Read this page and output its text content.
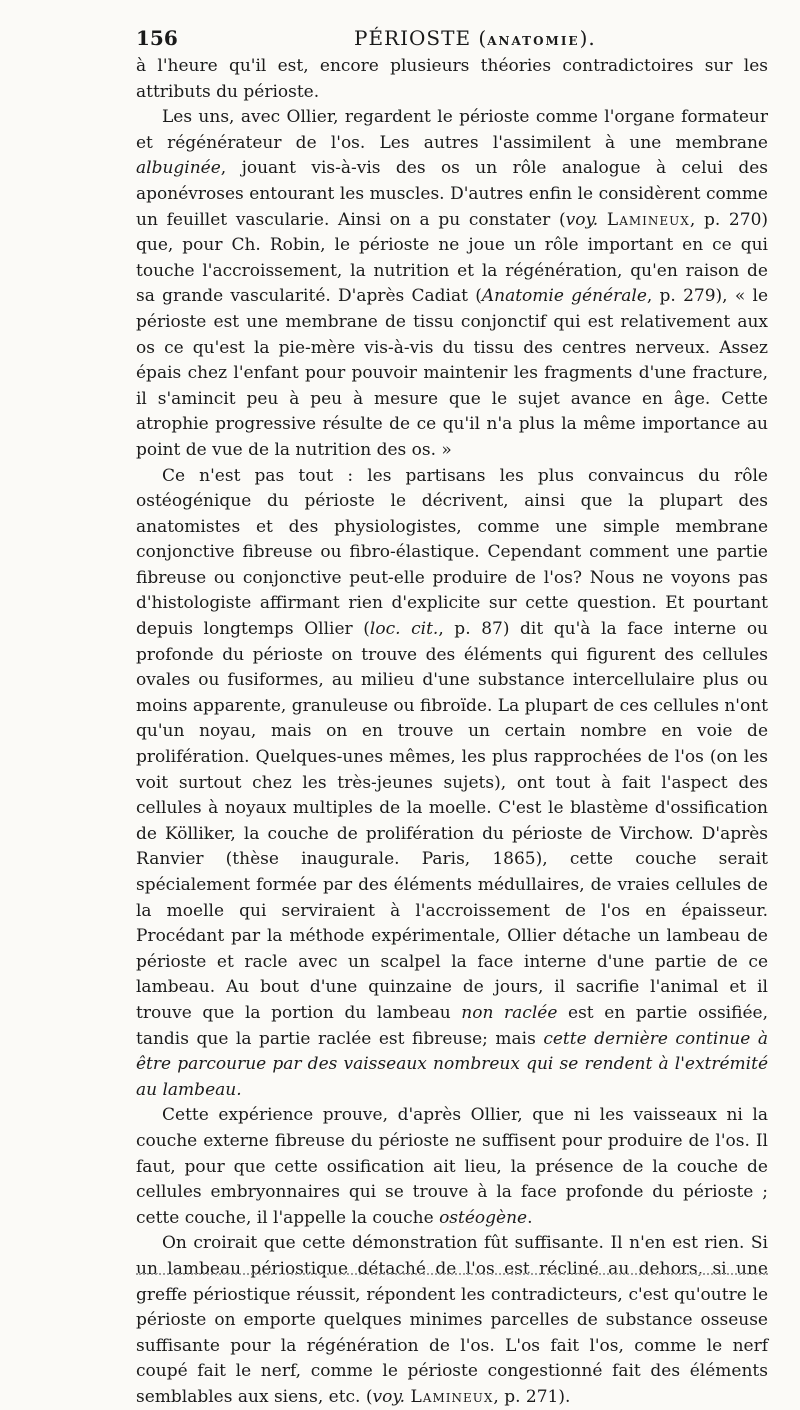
156	PÉRIOSTE (ANATOMIE).

à l'heure qu'il est, encore plusieurs théories contradictoires sur les attributs du périoste.

Les uns, avec Ollier, regardent le périoste comme l'organe formateur et régénérateur de l'os. Les autres l'assimilent à une membrane albuginée, jouant vis-à-vis des os un rôle analogue à celui des aponévroses entourant les muscles. D'autres enfin le considèrent comme un feuillet vascularie. Ainsi on a pu constater (voy. Lamineux, p. 270) que, pour Ch. Robin, le périoste ne joue un rôle important en ce qui touche l'accroissement, la nutrition et la régénération, qu'en raison de sa grande vascularité. D'après Cadiat (Anatomie générale, p. 279), « le périoste est une membrane de tissu conjonctif qui est relativement aux os ce qu'est la pie-mère vis-à-vis du tissu des centres nerveux. Assez épais chez l'enfant pour pouvoir maintenir les fragments d'une fracture, il s'amincit peu à peu à mesure que le sujet avance en âge. Cette atrophie progressive résulte de ce qu'il n'a plus la même importance au point de vue de la nutrition des os. »

Ce n'est pas tout : les partisans les plus convaincus du rôle ostéogénique du périoste le décrivent, ainsi que la plupart des anatomistes et des physiologistes, comme une simple membrane conjonctive fibreuse ou fibro-élastique. Cependant comment une partie fibreuse ou conjonctive peut-elle produire de l'os? Nous ne voyons pas d'histologiste affirmant rien d'explicite sur cette question. Et pourtant depuis longtemps Ollier (loc. cit., p. 87) dit qu'à la face interne ou profonde du périoste on trouve des éléments qui figurent des cellules ovales ou fusiformes, au milieu d'une substance intercellulaire plus ou moins apparente, granuleuse ou fibroïde. La plupart de ces cellules n'ont qu'un noyau, mais on en trouve un certain nombre en voie de prolifération. Quelques-unes mêmes, les plus rapprochées de l'os (on les voit surtout chez les très-jeunes sujets), ont tout à fait l'aspect des cellules à noyaux multiples de la moelle. C'est le blastème d'ossification de Kölliker, la couche de prolifération du périoste de Virchow. D'après Ranvier (thèse inaugurale. Paris, 1865), cette couche serait spécialement formée par des éléments médullaires, de vraies cellules de la moelle qui serviraient à l'accroissement de l'os en épaisseur. Procédant par la méthode expérimentale, Ollier détache un lambeau de périoste et racle avec un scalpel la face interne d'une partie de ce lambeau. Au bout d'une quinzaine de jours, il sacrifie l'animal et il trouve que la portion du lambeau non raclée est en partie ossifiée, tandis que la partie raclée est fibreuse; mais cette dernière continue à être parcourue par des vaisseaux nombreux qui se rendent à l'extrémité au lambeau.

Cette expérience prouve, d'après Ollier, que ni les vaisseaux ni la couche externe fibreuse du périoste ne suffisent pour produire de l'os. Il faut, pour que cette ossification ait lieu, la présence de la couche de cellules embryonnaires qui se trouve à la face profonde du périoste ; cette couche, il l'appelle la couche ostéogène.

On croirait que cette démonstration fût suffisante. Il n'en est rien. Si un lambeau périostique détaché de l'os est récliné au dehors, si une greffe périostique réussit, répondent les contradicteurs, c'est qu'outre le périoste on emporte quelques minimes parcelles de substance osseuse suffisante pour la régénération de l'os. L'os fait l'os, comme le nerf coupé fait le nerf, comme le périoste congestionné fait des éléments semblables aux siens, etc. (voy. Lamineux, p. 271).
